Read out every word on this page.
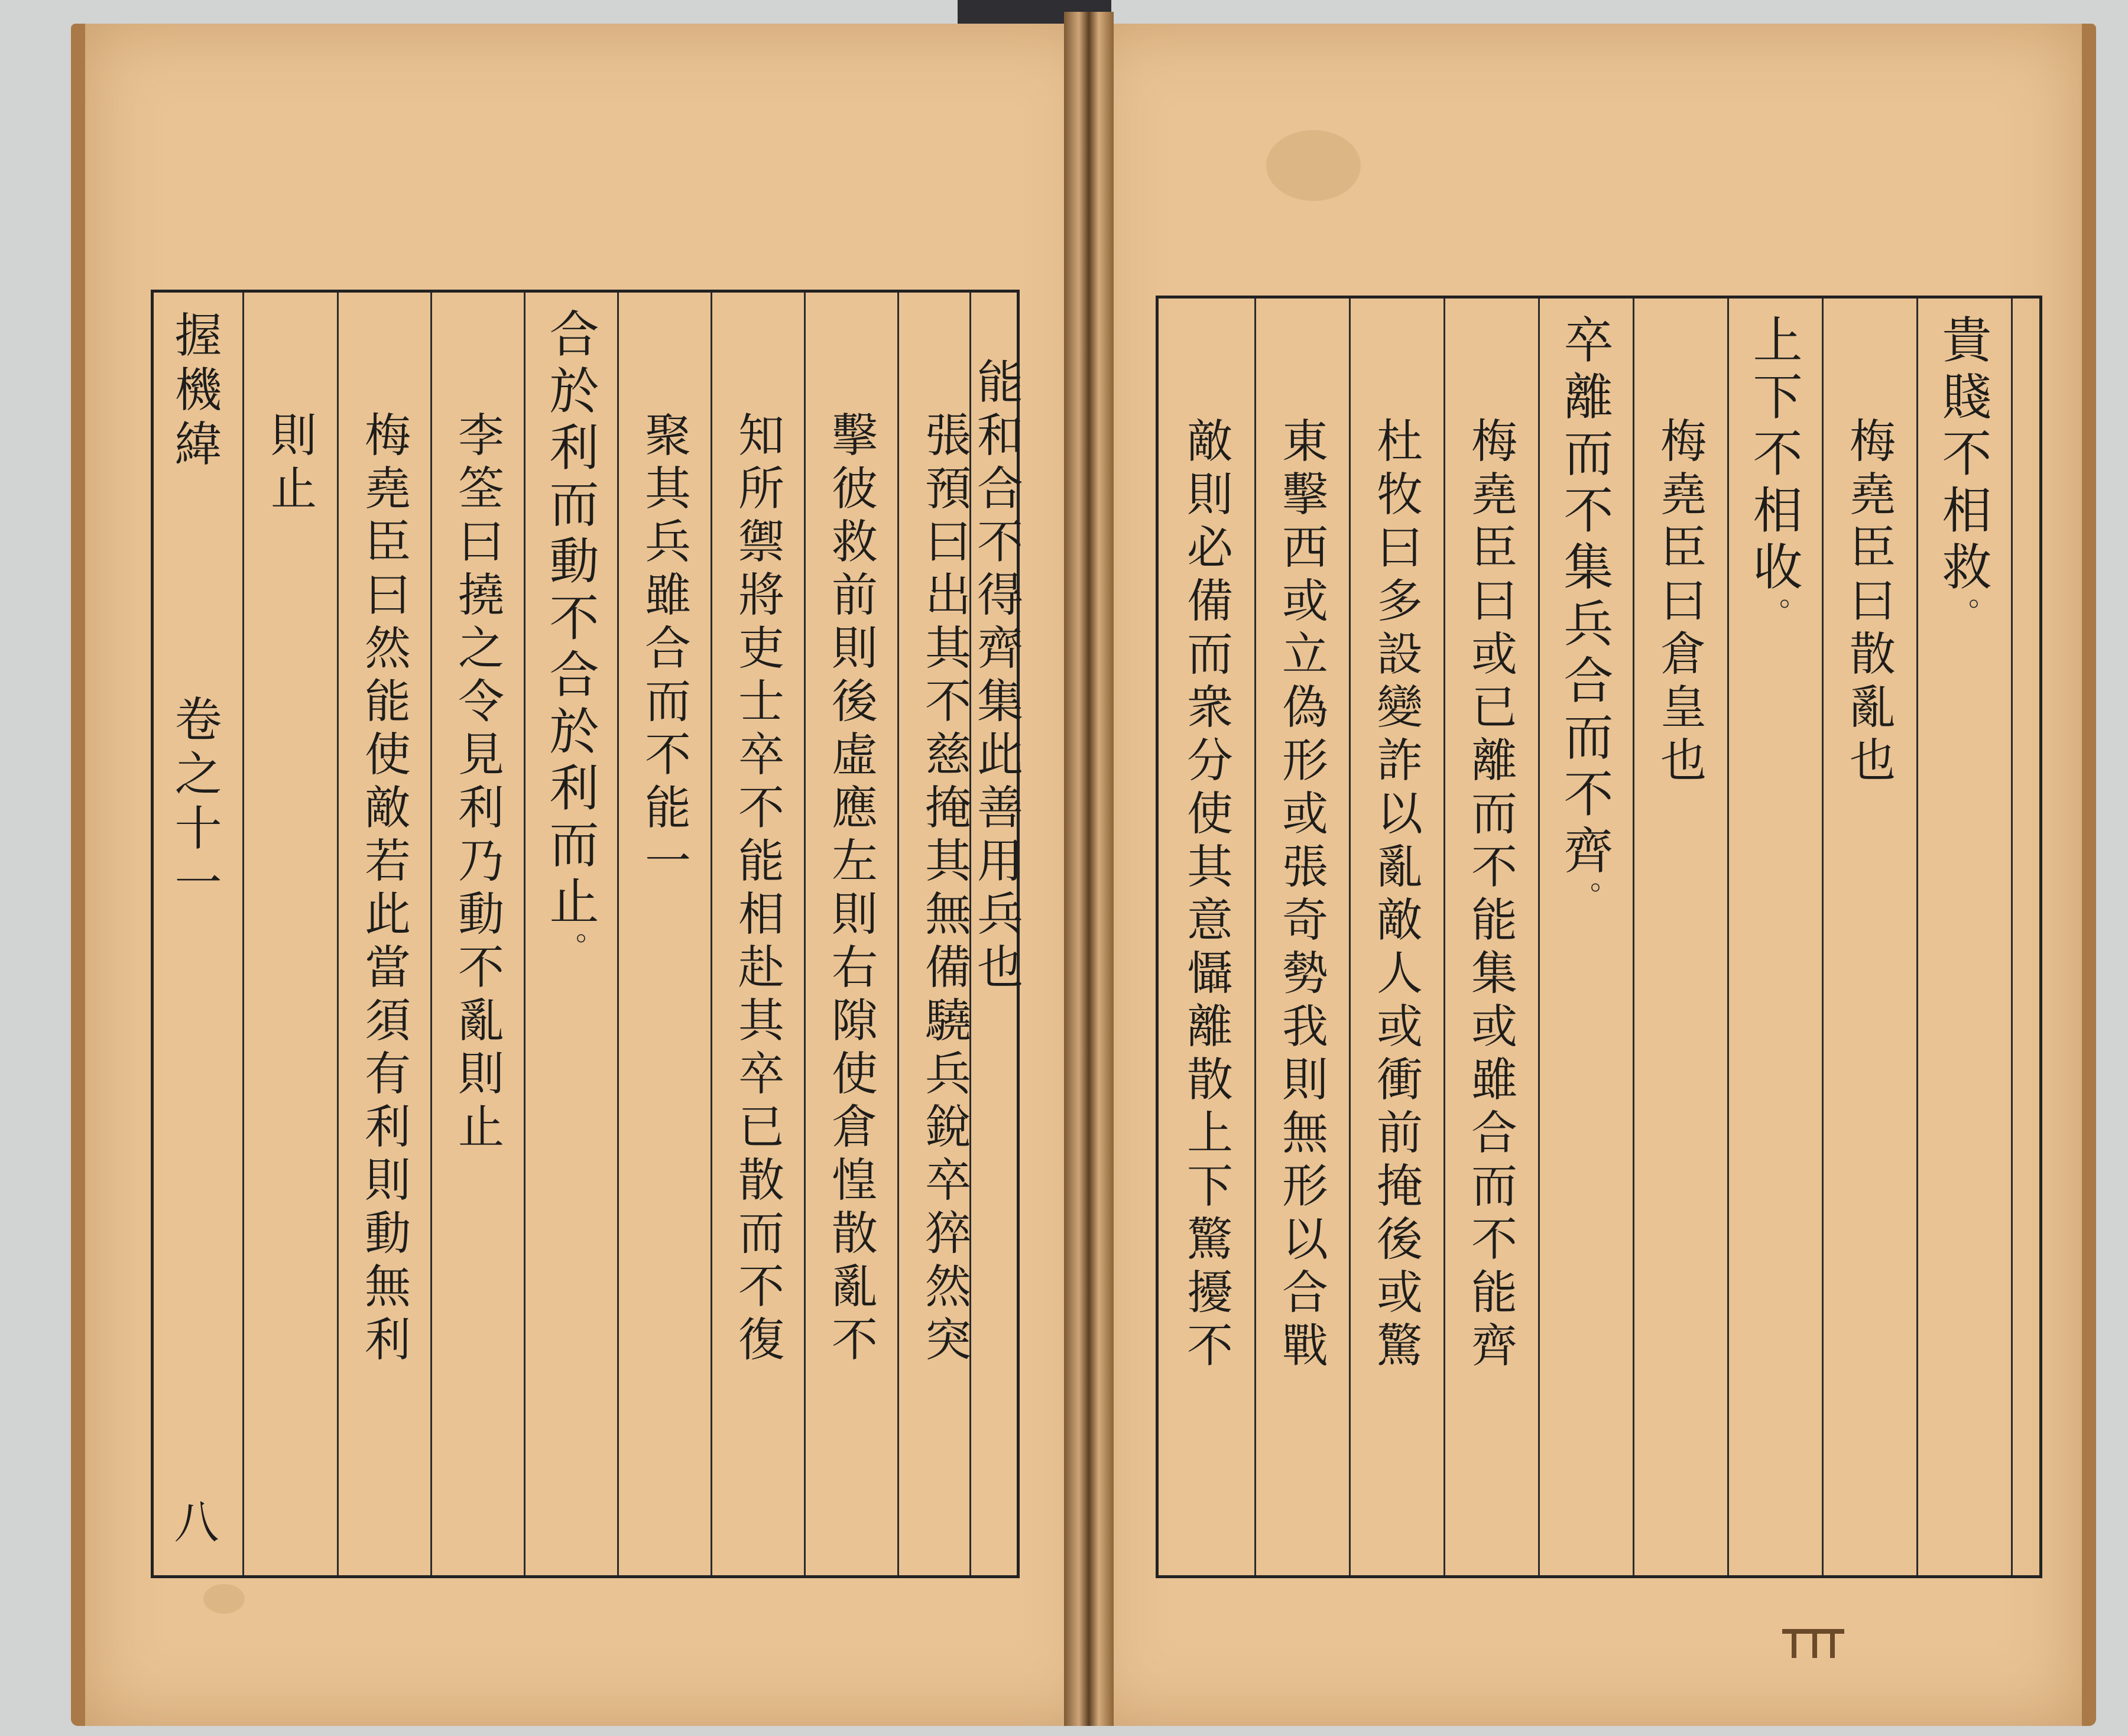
握機緯
卷之十一
八
則止 梅堯臣曰然能使敵若此當須有利則動無利 李筌曰撓之令見利乃動不亂則止 合於利而動不合於利而止。
聚其兵雖合而不能一 知所禦將吏士卒不能相赴其卒已散而不復 擊彼救前則後虛應左則右隙使倉惶散亂不 張預曰出其不慈掩其無備驍兵銳卒猝然突
能和合不得齊集此善用兵也	敵則必備而衆分使其意懾離散上下驚擾不 東擊西或立偽形或張奇勢我則無形以合戰 杜牧曰多設變詐以亂敵人或衝前掩後或驚 梅堯臣曰或已離而不能集或雖合而不能齊 卒離而不集兵合而不齊。
梅堯臣曰倉皇也 上下不相收。 梅堯臣曰散亂也 貴賤不相救。
